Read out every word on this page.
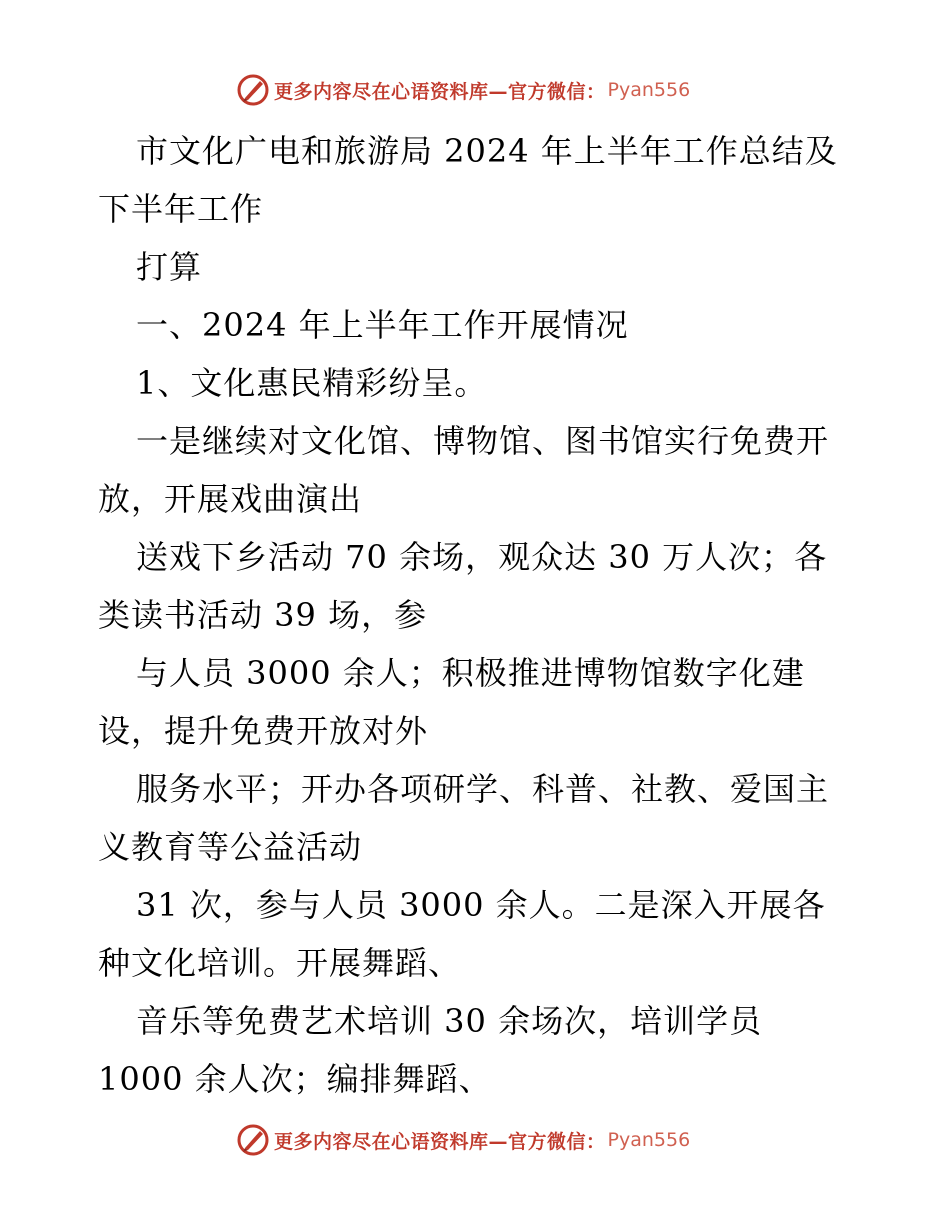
更多内容尽在心语资料库—官方微信： Pyan556
市文化广电和旅游局 2024 年上半年工作总结及
下半年工作
打算
一、2024 年上半年工作开展情况
1、文化惠民精彩纷呈。
一是继续对文化馆、博物馆、图书馆实行免费开
放，开展戏曲演出
送戏下乡活动 70 余场，观众达 30 万人次；各
类读书活动 39 场，参
与人员 3000 余人；积极推进博物馆数字化建
设，提升免费开放对外
服务水平；开办各项研学、科普、社教、爱国主
义教育等公益活动
31 次，参与人员 3000 余人。二是深入开展各
种文化培训。开展舞蹈、
音乐等免费艺术培训 30 余场次，培训学员
1000 余人次；编排舞蹈、
更多内容尽在心语资料库—官方微信： Pyan556
